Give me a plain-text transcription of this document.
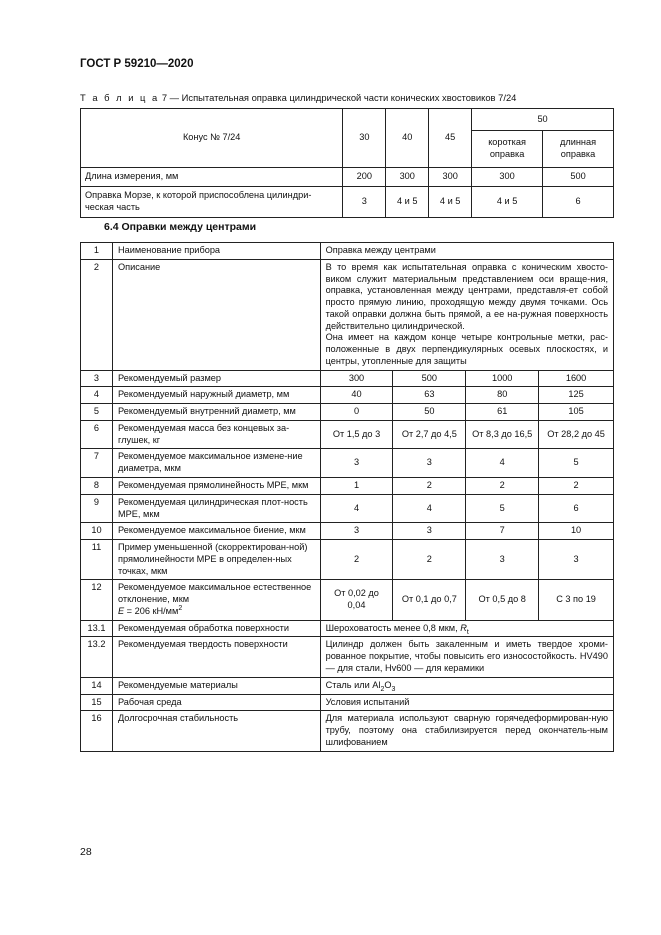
ГОСТ Р 59210—2020
Т а б л и ц а 7 — Испытательная оправка цилиндрической части конических хвостовиков 7/24
Конус № 7/24	30	40	45	50	
				короткая оправка	длинная оправка
Длина измерения, мм	200	300	300	300	500
Оправка Морзе, к которой приспособлена цилиндри-ческая часть	3	4 и 5	4 и 5	4 и 5	6
6.4 Оправки между центрами
1	Наименование прибора	Оправка между центрами			
2	Описание	В то время как испытательная оправка с коническим хвосто-виком служит материальным представлением оси враще-ния, оправка, установленная между центрами, представля-ет собой просто прямую линию, проходящую между двумя точками. Ось такой оправки должна быть прямой, а ее на-ружная поверхность действительно цилиндрической.
Она имеет на каждом конце четыре контрольные метки, рас-положенные в двух перпендикулярных осевых плоскостях, и центры, утопленные для защиты			

3	Рекомендуемый размер	300	500	1000	1600
4	Рекомендуемый наружный диаметр, мм	40	63	80	125
5	Рекомендуемый внутренний диаметр, мм	0	50	61	105
6	Рекомендуемая масса без концевых за-глушек, кг	От 1,5 до 3	От 2,7 до 4,5	От 8,3 до 16,5	От 28,2 до 45
7	Рекомендуемое максимальное измене-ние диаметра, мкм	3	3	4	5
8	Рекомендуемая прямолинейность MPE, мкм	1	2	2	2
9	Рекомендуемая цилиндрическая плот-ность MPE, мкм	4	4	5	6
10	Рекомендуемое максимальное биение, мкм	3	3	7	10
11	Пример уменьшенной (скорректирован-ной) прямолинейности MPE в определен-ных точках, мкм	2	2	3	3
12	Рекомендуемое максимальное естественное отклонение, мкм
E = 206 $кН/мм^2$	От 0,02 до 0,04	От 0,1 до 0,7	От 0,5 до 8	С 3 по 19
13.1	Рекомендуемая обработка поверхности	Шероховатость менее 0,8 мкм, $R_t$
13.2	Рекомендуемая твердость поверхности	Цилиндр должен быть закаленным и иметь твердое хроми-рованное покрытие, чтобы повысить его износостойкость. HV490 — для стали, Hv600 — для керамики			
14	Рекомендуемые материалы	Сталь или $Al_2O_3$
15	Рабочая среда	Условия испытаний			
16	Долгосрочная стабильность	Для материала используют сварную горячедеформирован-ную трубу, поэтому она стабилизируется перед окончатель-ным шлифованием			
28
